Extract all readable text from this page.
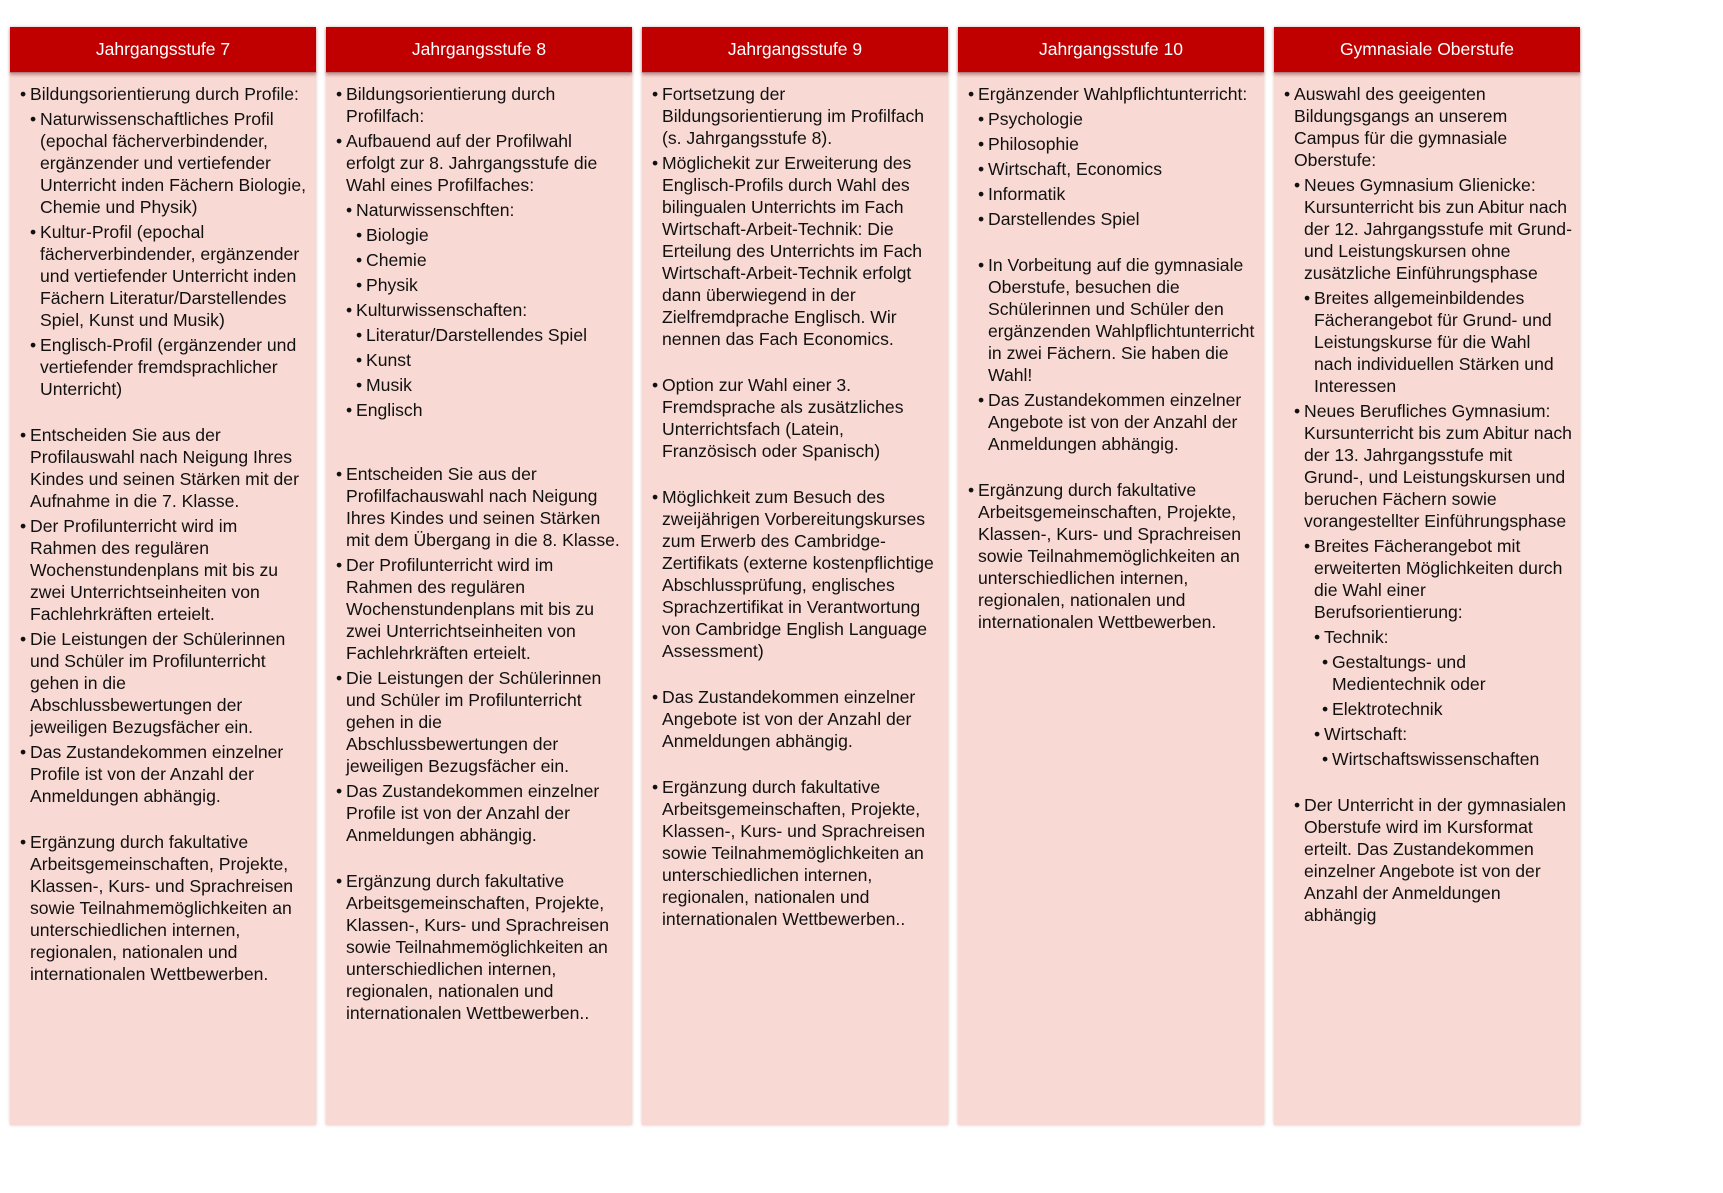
Jahrgangsstufe 7
• Bildungsorientierung durch Profile:
• Naturwissenschaftliches Profil (epochal fächerverbindender, ergänzender und vertiefender Unterricht inden Fächern Biologie, Chemie und Physik)
• Kultur-Profil (epochal fächerverbindender, ergänzender und vertiefender Unterricht inden Fächern Literatur/Darstellendes Spiel, Kunst und Musik)
• Englisch-Profil (ergänzender und vertiefender fremdsprachlicher Unterricht)
• Entscheiden Sie aus der Profilauswahl nach Neigung Ihres Kindes und seinen Stärken mit der Aufnahme in die 7. Klasse.
• Der Profilunterricht wird im Rahmen des regulären Wochenstundenplans mit bis zu zwei Unterrichtseinheiten von Fachlehrkräften erteielt.
• Die Leistungen der Schülerinnen und Schüler im Profilunterricht gehen in die Abschlussbewertungen der jeweiligen Bezugsfächer ein.
• Das Zustandekommen einzelner Profile ist von der Anzahl der Anmeldungen abhängig.
• Ergänzung durch fakultative Arbeitsgemeinschaften, Projekte, Klassen-, Kurs- und Sprachreisen sowie Teilnahmemöglichkeiten an unterschiedlichen internen, regionalen, nationalen und internationalen Wettbewerben.
Jahrgangsstufe 8
• Bildungsorientierung durch Profilfach:
• Aufbauend auf der Profilwahl erfolgt zur 8. Jahrgangsstufe die Wahl eines Profilfaches:
• Naturwissenschften:
• Biologie
• Chemie
• Physik
• Kulturwissenschaften:
• Literatur/Darstellendes Spiel
• Kunst
• Musik
• Englisch
• Entscheiden Sie aus der Profilfachauswahl nach Neigung Ihres Kindes und seinen Stärken mit dem Übergang in die 8. Klasse.
• Der Profilunterricht wird im Rahmen des regulären Wochenstundenplans mit bis zu zwei Unterrichtseinheiten von Fachlehrkräften erteielt.
• Die Leistungen der Schülerinnen und Schüler im Profilunterricht gehen in die Abschlussbewertungen der jeweiligen Bezugsfächer ein.
• Das Zustandekommen einzelner Profile ist von der Anzahl der Anmeldungen abhängig.
• Ergänzung durch fakultative Arbeitsgemeinschaften, Projekte, Klassen-, Kurs- und Sprachreisen sowie Teilnahmemöglichkeiten an unterschiedlichen internen, regionalen, nationalen und internationalen Wettbewerben..
Jahrgangsstufe 9
• Fortsetzung der Bildungsorientierung im Profilfach (s. Jahrgangsstufe 8).
• Möglichekit zur Erweiterung des Englisch-Profils durch Wahl des bilingualen Unterrichts im Fach Wirtschaft-Arbeit-Technik: Die Erteilung des Unterrichts im Fach Wirtschaft-Arbeit-Technik erfolgt dann überwiegend in der Zielfremdprache Englisch. Wir nennen das Fach Economics.
• Option zur Wahl einer 3. Fremdsprache als zusätzliches Unterrichtsfach (Latein, Französisch oder Spanisch)
• Möglichkeit zum Besuch des zweijährigen Vorbereitungskurses zum Erwerb des Cambridge-Zertifikats (externe kostenpflichtige Abschlussprüfung, englisches Sprachzertifikat in Verantwortung von Cambridge English Language Assessment)
• Das Zustandekommen einzelner Angebote ist von der Anzahl der Anmeldungen abhängig.
• Ergänzung durch fakultative Arbeitsgemeinschaften, Projekte, Klassen-, Kurs- und Sprachreisen sowie Teilnahmemöglichkeiten an unterschiedlichen internen, regionalen, nationalen und internationalen Wettbewerben..
Jahrgangsstufe 10
• Ergänzender Wahlpflichtunterricht:
• Psychologie
• Philosophie
• Wirtschaft, Economics
• Informatik
• Darstellendes Spiel
• In Vorbeitung auf die gymnasiale Oberstufe, besuchen die Schülerinnen und Schüler den ergänzenden Wahlpflichtunterricht in zwei Fächern. Sie haben die Wahl!
• Das Zustandekommen einzelner Angebote ist von der Anzahl der Anmeldungen abhängig.
• Ergänzung durch fakultative Arbeitsgemeinschaften, Projekte, Klassen-, Kurs- und Sprachreisen sowie Teilnahmemöglichkeiten an unterschiedlichen internen, regionalen, nationalen und internationalen Wettbewerben.
Gymnasiale Oberstufe
• Auswahl des geeigenten Bildungsgangs an unserem Campus für die gymnasiale Oberstufe:
• Neues Gymnasium Glienicke: Kursunterricht bis zun Abitur nach der 12. Jahrgangsstufe mit Grund- und Leistungskursen ohne zusätzliche Einführungsphase
• Breites allgemeinbildendes Fächerangebot für Grund- und Leistungskurse für die Wahl nach individuellen Stärken und Interessen
• Neues Berufliches Gymnasium: Kursunterricht bis zum Abitur nach der 13. Jahrgangsstufe mit Grund-, und Leistungskursen und beruchen Fächern sowie vorangestellter Einführungsphase
• Breites Fächerangebot mit erweiterten Möglichkeiten durch die Wahl einer Berufsorientierung:
• Technik:
• Gestaltungs- und Medientechnik oder
• Elektrotechnik
• Wirtschaft:
• Wirtschaftswissenschaften
• Der Unterricht in der gymnasialen Oberstufe wird im Kursformat erteilt. Das Zustandekommen einzelner Angebote ist von der Anzahl der Anmeldungen abhängig
